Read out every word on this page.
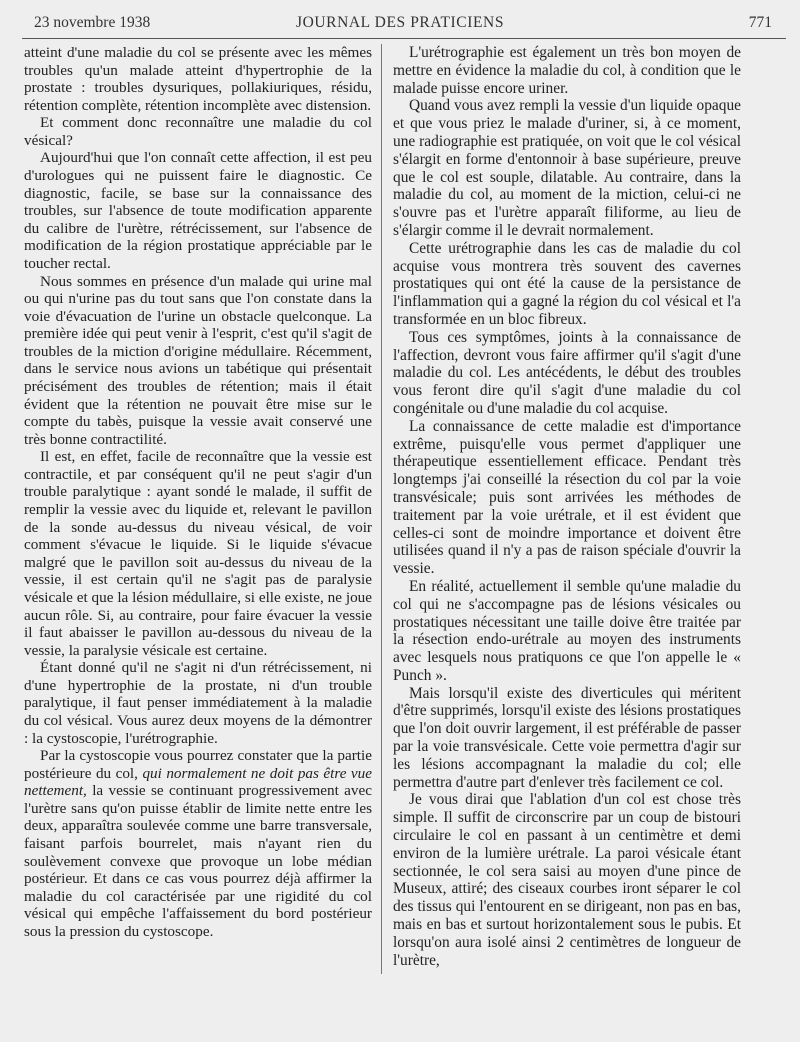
23 novembre 1938	JOURNAL DES PRATICIENS	771

atteint d'une maladie du col se présente avec les mêmes troubles qu'un malade atteint d'hypertrophie de la prostate : troubles dysuriques, pollakiuriques, résidu, rétention complète, rétention incomplète avec distension.

Et comment donc reconnaître une maladie du col vésical?

Aujourd'hui que l'on connaît cette affection, il est peu d'urologues qui ne puissent faire le diagnostic. Ce diagnostic, facile, se base sur la connaissance des troubles, sur l'absence de toute modification apparente du calibre de l'urètre, rétrécissement, sur l'absence de modification de la région prostatique appréciable par le toucher rectal.

Nous sommes en présence d'un malade qui urine mal ou qui n'urine pas du tout sans que l'on constate dans la voie d'évacuation de l'urine un obstacle quelconque. La première idée qui peut venir à l'esprit, c'est qu'il s'agit de troubles de la miction d'origine médullaire. Récemment, dans le service nous avions un tabétique qui présentait précisément des troubles de rétention; mais il était évident que la rétention ne pouvait être mise sur le compte du tabès, puisque la vessie avait conservé une très bonne contractilité.

Il est, en effet, facile de reconnaître que la vessie est contractile, et par conséquent qu'il ne peut s'agir d'un trouble paralytique : ayant sondé le malade, il suffit de remplir la vessie avec du liquide et, relevant le pavillon de la sonde au-dessus du niveau vésical, de voir comment s'évacue le liquide. Si le liquide s'évacue malgré que le pavillon soit au-dessus du niveau de la vessie, il est certain qu'il ne s'agit pas de paralysie vésicale et que la lésion médullaire, si elle existe, ne joue aucun rôle. Si, au contraire, pour faire évacuer la vessie il faut abaisser le pavillon au-dessous du niveau de la vessie, la paralysie vésicale est certaine.

Étant donné qu'il ne s'agit ni d'un rétrécissement, ni d'une hypertrophie de la prostate, ni d'un trouble paralytique, il faut penser immédiatement à la maladie du col vésical. Vous aurez deux moyens de la démontrer : la cystoscopie, l'urétrographie.

Par la cystoscopie vous pourrez constater que la partie postérieure du col, qui normalement ne doit pas être vue nettement, la vessie se continuant progressivement avec l'urètre sans qu'on puisse établir de limite nette entre les deux, apparaîtra soulevée comme une barre transversale, faisant parfois bourrelet, mais n'ayant rien du soulèvement convexe que provoque un lobe médian postérieur. Et dans ce cas vous pourrez déjà affirmer la maladie du col caractérisée par une rigidité du col vésical qui empêche l'affaissement du bord postérieur sous la pression du cystoscope.

L'urétrographie est également un très bon moyen de mettre en évidence la maladie du col, à condition que le malade puisse encore uriner.

Quand vous avez rempli la vessie d'un liquide opaque et que vous priez le malade d'uriner, si, à ce moment, une radiographie est pratiquée, on voit que le col vésical s'élargit en forme d'entonnoir à base supérieure, preuve que le col est souple, dilatable. Au contraire, dans la maladie du col, au moment de la miction, celui-ci ne s'ouvre pas et l'urètre apparaît filiforme, au lieu de s'élargir comme il le devrait normalement.

Cette urétrographie dans les cas de maladie du col acquise vous montrera très souvent des cavernes prostatiques qui ont été la cause de la persistance de l'inflammation qui a gagné la région du col vésical et l'a transformée en un bloc fibreux.

Tous ces symptômes, joints à la connaissance de l'affection, devront vous faire affirmer qu'il s'agit d'une maladie du col. Les antécédents, le début des troubles vous feront dire qu'il s'agit d'une maladie du col congénitale ou d'une maladie du col acquise.

La connaissance de cette maladie est d'importance extrême, puisqu'elle vous permet d'appliquer une thérapeutique essentiellement efficace. Pendant très longtemps j'ai conseillé la résection du col par la voie transvésicale; puis sont arrivées les méthodes de traitement par la voie urétrale, et il est évident que celles-ci sont de moindre importance et doivent être utilisées quand il n'y a pas de raison spéciale d'ouvrir la vessie.

En réalité, actuellement il semble qu'une maladie du col qui ne s'accompagne pas de lésions vésicales ou prostatiques nécessitant une taille doive être traitée par la résection endo-urétrale au moyen des instruments avec lesquels nous pratiquons ce que l'on appelle le « Punch ».

Mais lorsqu'il existe des diverticules qui méritent d'être supprimés, lorsqu'il existe des lésions prostatiques que l'on doit ouvrir largement, il est préférable de passer par la voie transvésicale. Cette voie permettra d'agir sur les lésions accompagnant la maladie du col; elle permettra d'autre part d'enlever très facilement ce col.

Je vous dirai que l'ablation d'un col est chose très simple. Il suffit de circonscrire par un coup de bistouri circulaire le col en passant à un centimètre et demi environ de la lumière urétrale. La paroi vésicale étant sectionnée, le col sera saisi au moyen d'une pince de Museux, attiré; des ciseaux courbes iront séparer le col des tissus qui l'entourent en se dirigeant, non pas en bas, mais en bas et surtout horizontalement sous le pubis. Et lorsqu'on aura isolé ainsi 2 centimètres de longueur de l'urètre,
